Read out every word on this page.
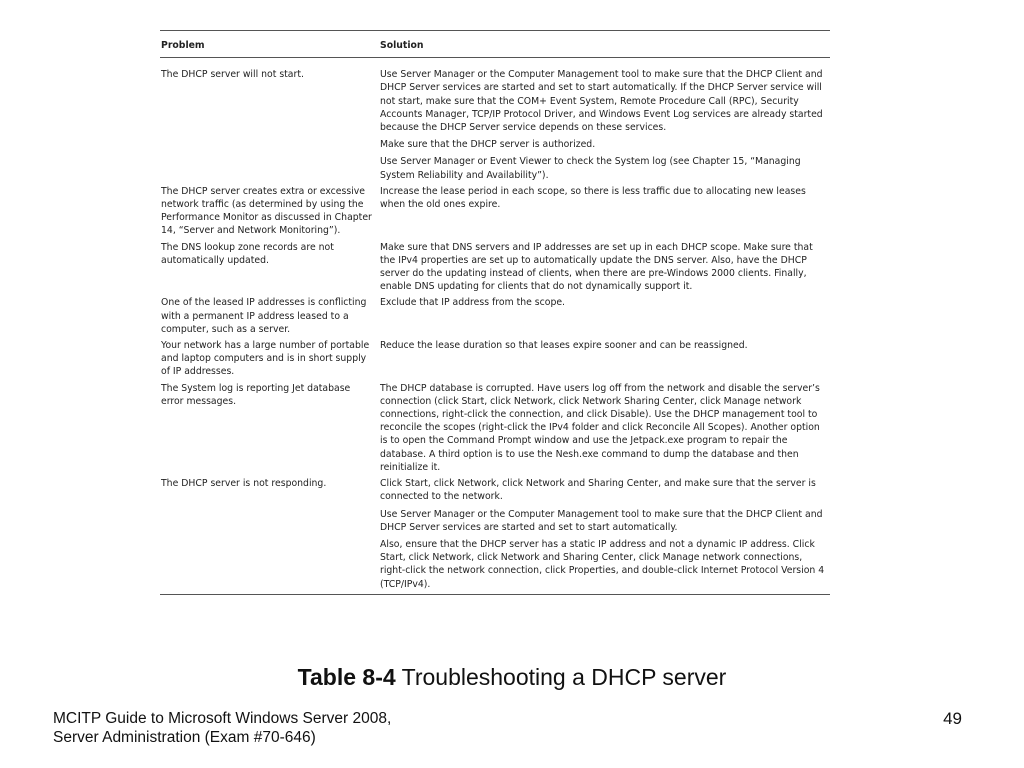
Problem	Solution
The DHCP server will not start.	Use Server Manager or the Computer Management tool to make sure that the DHCP Client and DHCP Server services are started and set to start automatically. If the DHCP Server service will not start, make sure that the COM+ Event System, Remote Procedure Call (RPC), Security Accounts Manager, TCP/IP Protocol Driver, and Windows Event Log services are already started because the DHCP Server service depends on these services.
Make sure that the DHCP server is authorized.
Use Server Manager or Event Viewer to check the System log (see Chapter 15, “Managing System Reliability and Availability”).

The DHCP server creates extra or excessive network traffic (as determined by using the Performance Monitor as discussed in Chapter 14, “Server and Network Monitoring”).	Increase the lease period in each scope, so there is less traffic due to allocating new leases when the old ones expire.

The DNS lookup zone records are not automatically updated.	Make sure that DNS servers and IP addresses are set up in each DHCP scope. Make sure that the IPv4 properties are set up to automatically update the DNS server. Also, have the DHCP server do the updating instead of clients, when there are pre-Windows 2000 clients. Finally, enable DNS updating for clients that do not dynamically support it.

One of the leased IP addresses is conflicting with a permanent IP address leased to a computer, such as a server.	Exclude that IP address from the scope.

Your network has a large number of portable and laptop computers and is in short supply of IP addresses.	Reduce the lease duration so that leases expire sooner and can be reassigned.

The System log is reporting Jet database error messages.	The DHCP database is corrupted. Have users log off from the network and disable the server’s connection (click Start, click Network, click Network Sharing Center, click Manage network connections, right-click the connection, and click Disable). Use the DHCP management tool to reconcile the scopes (right-click the IPv4 folder and click Reconcile All Scopes). Another option is to open the Command Prompt window and use the Jetpack.exe program to repair the database. A third option is to use the Nesh.exe command to dump the database and then reinitialize it.

The DHCP server is not responding.	Click Start, click Network, click Network and Sharing Center, and make sure that the server is connected to the network.
Use Server Manager or the Computer Management tool to make sure that the DHCP Client and DHCP Server services are started and set to start automatically.
Also, ensure that the DHCP server has a static IP address and not a dynamic IP address. Click Start, click Network, click Network and Sharing Center, click Manage network connections, right-click the network connection, click Properties, and double-click Internet Protocol Version 4 (TCP/IPv4).
Table 8-4 Troubleshooting a DHCP server
MCITP Guide to Microsoft Windows Server 2008,
Server Administration (Exam #70-646)
49
